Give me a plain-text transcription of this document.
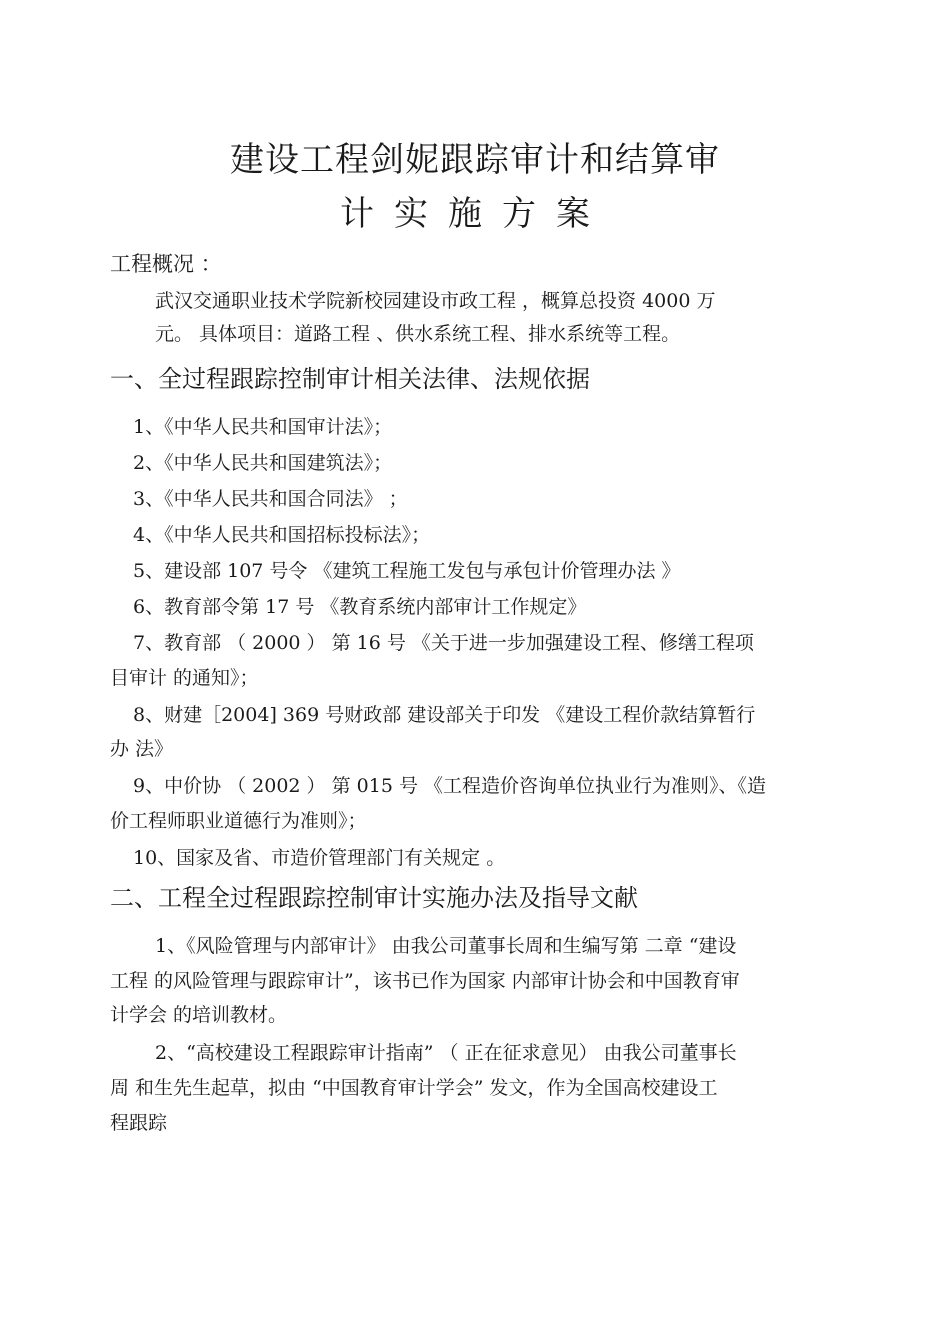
建设工程剑妮跟踪审计和结算审
计实施方案
工程概况 ：
武汉交通职业技术学院新校园建设市政工程 ，概算总投资 4000 万
元。 具体项目：道路工程 、供水系统工程、排水系统等工程。
一、全过程跟踪控制审计相关法律、法规依据
1、《中华人民共和国审计法》；
2、《中华人民共和国建筑法》；
3、《中华人民共和国合同法》 ；
4、《中华人民共和国招标投标法》；
5、建设部 107 号令 《建筑工程施工发包与承包计价管理办法 》
6、教育部令第 17 号 《教育系统内部审计工作规定》
7、教育部 （ 2000 ） 第 16 号 《关于进一步加强建设工程、修缮工程项
目审计 的通知》；
8、财建［2004] 369 号财政部 建设部关于印发 《建设工程价款结算暂行
办 法》
9、中价协 （ 2002 ） 第 015 号 《工程造价咨询单位执业行为准则》、《造
价工程师职业道德行为准则》；
10、国家及省、市造价管理部门有关规定 。
二、工程全过程跟踪控制审计实施办法及指导文献
1、《风险管理与内部审计》 由我公司董事长周和生编写第 二章 “建设
工程 的风险管理与跟踪审计”，该书已作为国家 内部审计协会和中国教育审
计学会 的培训教材。
2、“高校建设工程跟踪审计指南” （ 正在征求意见） 由我公司董事长
周 和生先生起草，拟由 “中国教育审计学会” 发文，作为全国高校建设工
程跟踪
